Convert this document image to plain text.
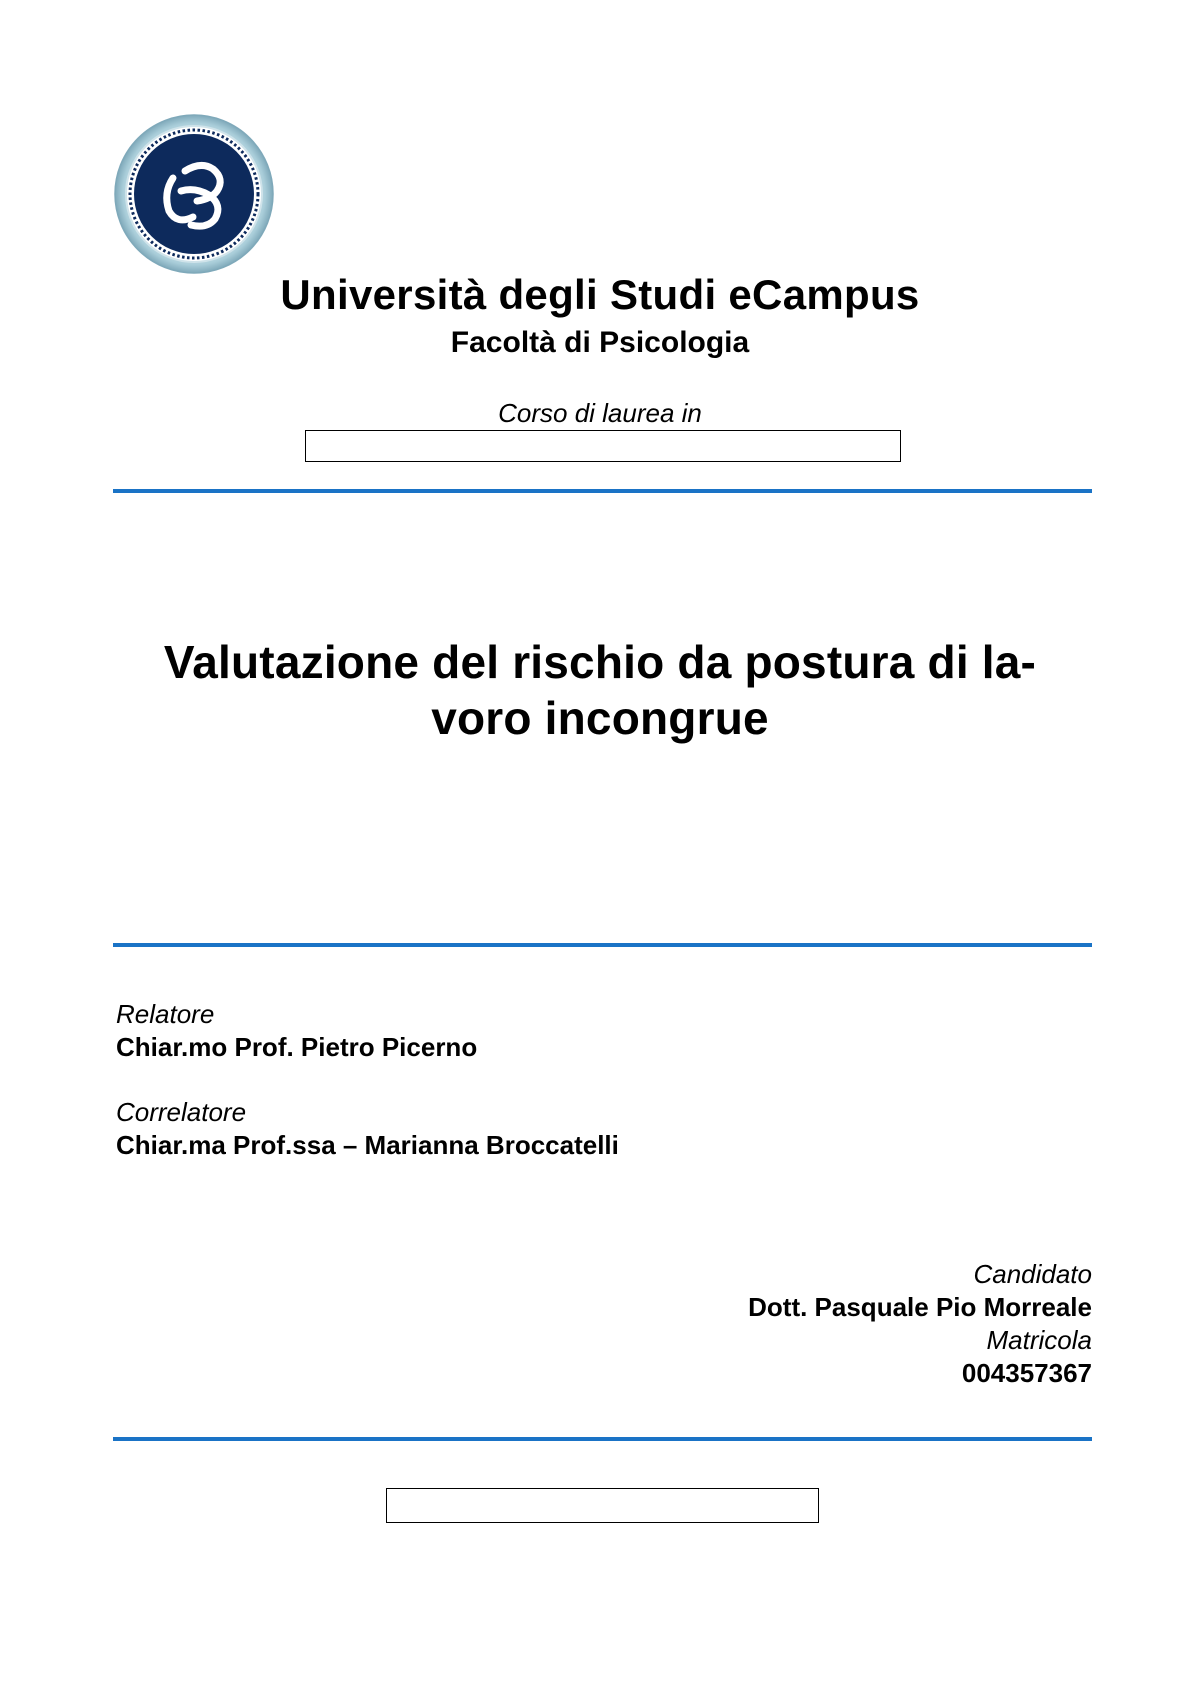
Università degli Studi eCampus
Facoltà di Psicologia
Corso di laurea in
Valutazione del rischio da postura di la-
voro incongrue
Relatore
Chiar.mo Prof. Pietro Picerno
Correlatore
Chiar.ma Prof.ssa – Marianna Broccatelli
Candidato
Dott. Pasquale Pio Morreale
Matricola
004357367
